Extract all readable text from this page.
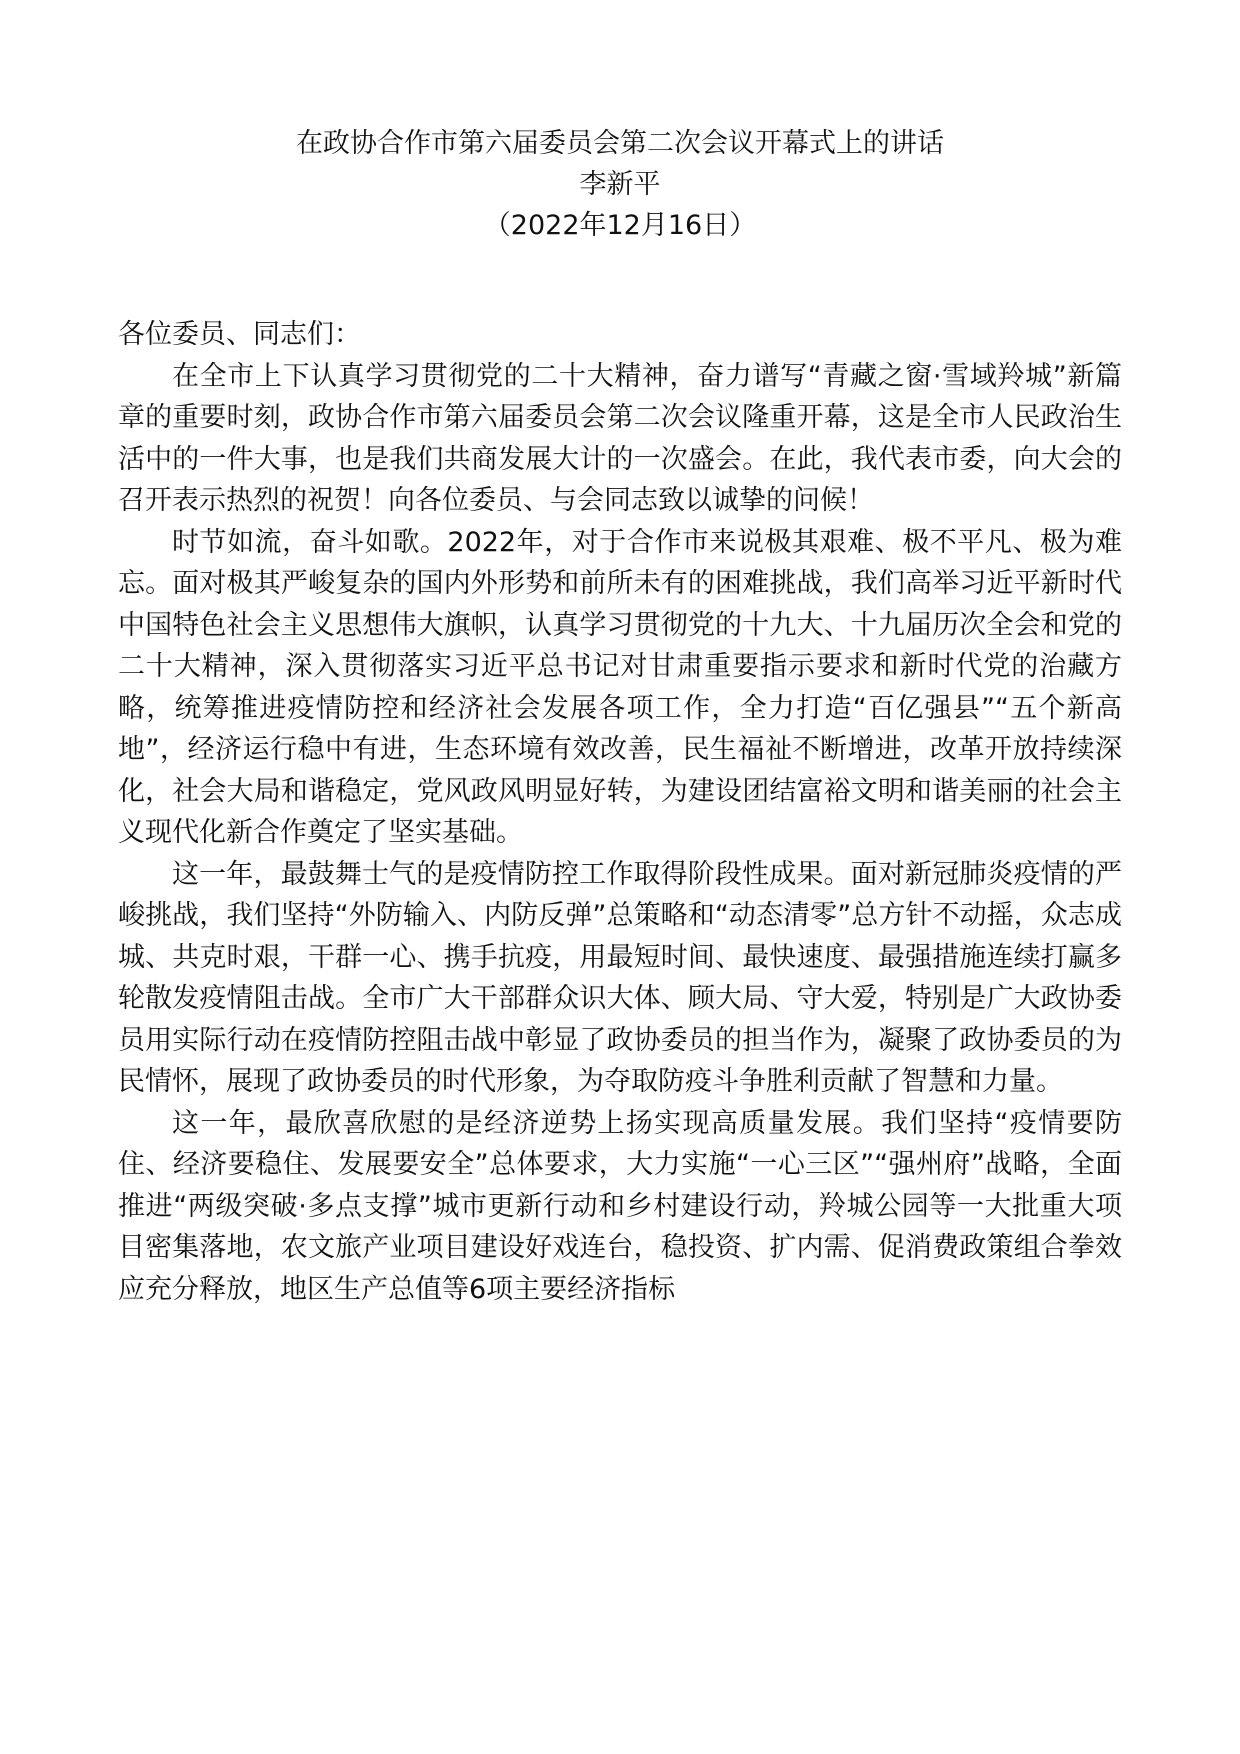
在政协合作市第六届委员会第二次会议开幕式上的讲话
李新平
（2022年12月16日）

各位委员、同志们：

在全市上下认真学习贯彻党的二十大精神，奋力谱写“青藏之窗·雪域羚城”新篇章的重要时刻，政协合作市第六届委员会第二次会议隆重开幕，这是全市人民政治生活中的一件大事，也是我们共商发展大计的一次盛会。在此，我代表市委，向大会的召开表示热烈的祝贺！向各位委员、与会同志致以诚挚的问候！

时节如流，奋斗如歌。2022年，对于合作市来说极其艰难、极不平凡、极为难忘。面对极其严峻复杂的国内外形势和前所未有的困难挑战，我们高举习近平新时代中国特色社会主义思想伟大旗帜，认真学习贯彻党的十九大、十九届历次全会和党的二十大精神，深入贯彻落实习近平总书记对甘肃重要指示要求和新时代党的治藏方略，统筹推进疫情防控和经济社会发展各项工作，全力打造“百亿强县”“五个新高地”，经济运行稳中有进，生态环境有效改善，民生福祉不断增进，改革开放持续深化，社会大局和谐稳定，党风政风明显好转，为建设团结富裕文明和谐美丽的社会主义现代化新合作奠定了坚实基础。

这一年，最鼓舞士气的是疫情防控工作取得阶段性成果。面对新冠肺炎疫情的严峻挑战，我们坚持“外防输入、内防反弹”总策略和“动态清零”总方针不动摇，众志成城、共克时艰，干群一心、携手抗疫，用最短时间、最快速度、最强措施连续打赢多轮散发疫情阻击战。全市广大干部群众识大体、顾大局、守大爱，特别是广大政协委员用实际行动在疫情防控阻击战中彰显了政协委员的担当作为，凝聚了政协委员的为民情怀，展现了政协委员的时代形象，为夺取防疫斗争胜利贡献了智慧和力量。

这一年，最欣喜欣慰的是经济逆势上扬实现高质量发展。我们坚持“疫情要防住、经济要稳住、发展要安全”总体要求，大力实施“一心三区”“强州府”战略，全面推进“两级突破·多点支撑”城市更新行动和乡村建设行动，羚城公园等一大批重大项目密集落地，农文旅产业项目建设好戏连台，稳投资、扩内需、促消费政策组合拳效应充分释放，地区生产总值等6项主要经济指标
